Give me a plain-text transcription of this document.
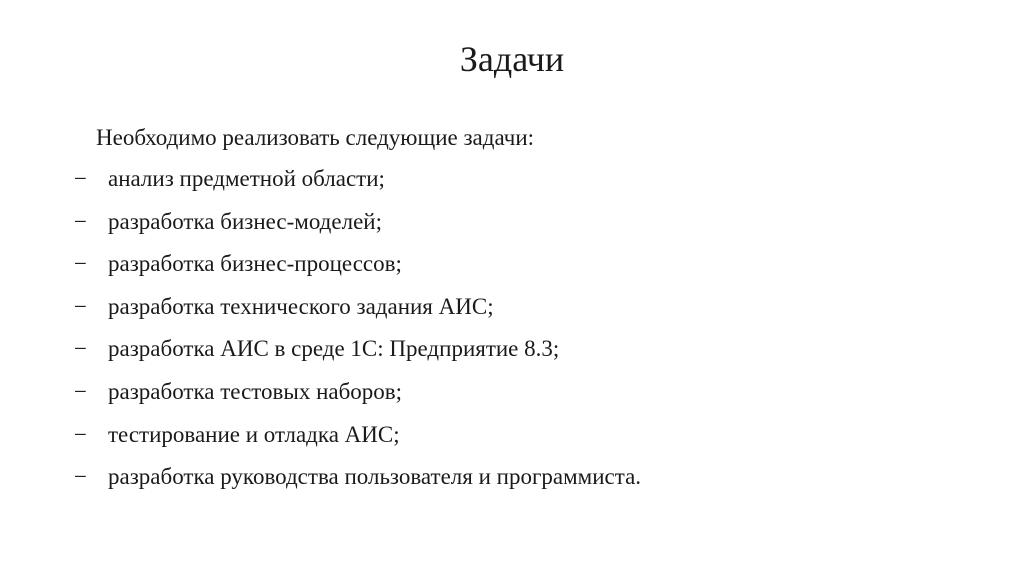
Задачи
Необходимо реализовать следующие задачи:
− анализ предметной области;
− разработка бизнес-моделей;
− разработка бизнес-процессов;
− разработка технического задания АИС;
− разработка АИС в среде 1С: Предприятие 8.3;
− разработка тестовых наборов;
− тестирование и отладка АИС;
− разработка руководства пользователя и программиста.
